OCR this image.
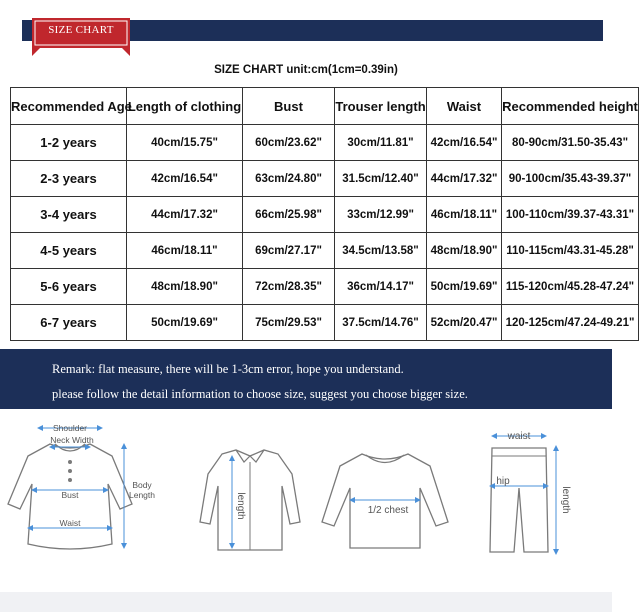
SIZE CHART
SIZE CHART unit:cm(1cm=0.39in)
Recommended Age	Length of clothing	Bust	Trouser length	Waist	Recommended height
1-2 years	40cm/15.75"	60cm/23.62"	30cm/11.81"	42cm/16.54"	80-90cm/31.50-35.43"
2-3 years	42cm/16.54"	63cm/24.80"	31.5cm/12.40"	44cm/17.32"	90-100cm/35.43-39.37"
3-4 years	44cm/17.32"	66cm/25.98"	33cm/12.99"	46cm/18.11"	100-110cm/39.37-43.31"
4-5 years	46cm/18.11"	69cm/27.17"	34.5cm/13.58"	48cm/18.90"	110-115cm/43.31-45.28"
5-6 years	48cm/18.90"	72cm/28.35"	36cm/14.17"	50cm/19.69"	115-120cm/45.28-47.24"
6-7 years	50cm/19.69"	75cm/29.53"	37.5cm/14.76"	52cm/20.47"	120-125cm/47.24-49.21"
Remark: flat measure, there will be 1-3cm error, hope you understand.
please follow the detail information to choose size, suggest you choose bigger size.
Shoulder
Neck Width
Bust
Waist
Body
Length	length	1/2 chest
waist
hip
length
